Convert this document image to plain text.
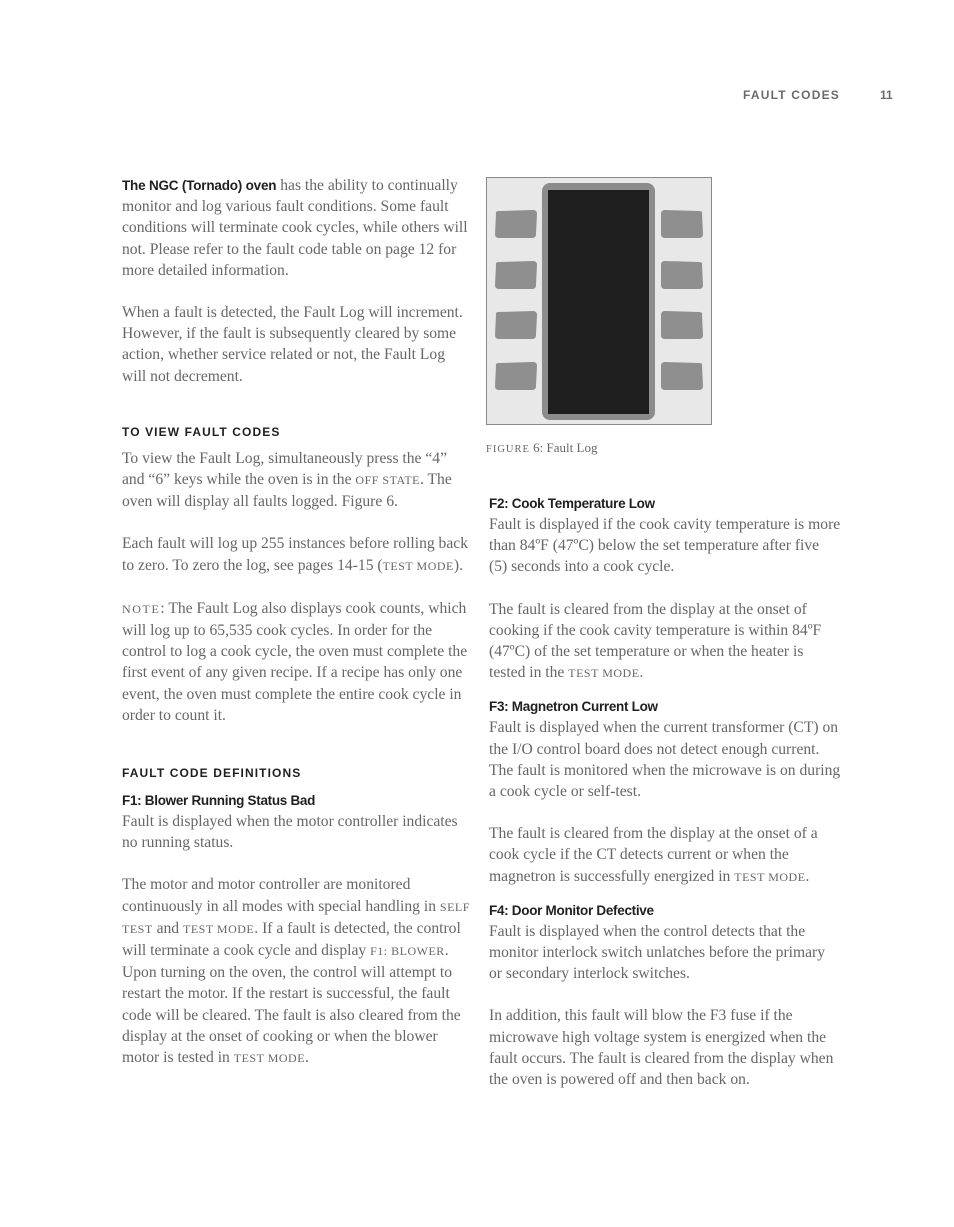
FAULT CODES	11

The NGC (Tornado) oven has the ability to continually monitor and log various fault conditions. Some fault conditions will terminate cook cycles, while others will not. Please refer to the fault code table on page 12 for more detailed information.

When a fault is detected, the Fault Log will increment. However, if the fault is subsequently cleared by some action, whether service related or not, the Fault Log will not decrement.

TO VIEW FAULT CODES

To view the Fault Log, simultaneously press the “4” and “6” keys while the oven is in the OFF STATE. The oven will display all faults logged. Figure 6.

Each fault will log up 255 instances before rolling back to zero. To zero the log, see pages 14-15 (TEST MODE).

NOTE: The Fault Log also displays cook counts, which will log up to 65,535 cook cycles. In order for the control to log a cook cycle, the oven must complete the first event of any given recipe. If a recipe has only one event, the oven must complete the entire cook cycle in order to count it.

FAULT CODE DEFINITIONS
F1: Blower Running Status Bad

Fault is displayed when the motor controller indicates no running status.

The motor and motor controller are monitored continuously in all modes with special handling in SELF TEST and TEST MODE. If a fault is detected, the control will terminate a cook cycle and display F1: BLOWER. Upon turning on the oven, the control will attempt to restart the motor. If the restart is successful, the fault code will be cleared. The fault is also cleared from the display at the onset of cooking or when the blower motor is tested in TEST MODE.

FIGURE 6: Fault Log
F2: Cook Temperature Low

Fault is displayed if the cook cavity temperature is more than 84ºF (47ºC) below the set temperature after five (5) seconds into a cook cycle.

The fault is cleared from the display at the onset of cooking if the cook cavity temperature is within 84ºF (47ºC) of the set temperature or when the heater is tested in the TEST MODE.

F3: Magnetron Current Low

Fault is displayed when the current transformer (CT) on the I/O control board does not detect enough current. The fault is monitored when the microwave is on during a cook cycle or self-test.

The fault is cleared from the display at the onset of a cook cycle if the CT detects current or when the magnetron is successfully energized in TEST MODE.

F4: Door Monitor Defective

Fault is displayed when the control detects that the monitor interlock switch unlatches before the primary or secondary interlock switches.

In addition, this fault will blow the F3 fuse if the microwave high voltage system is energized when the fault occurs. The fault is cleared from the display when the oven is powered off and then back on.
